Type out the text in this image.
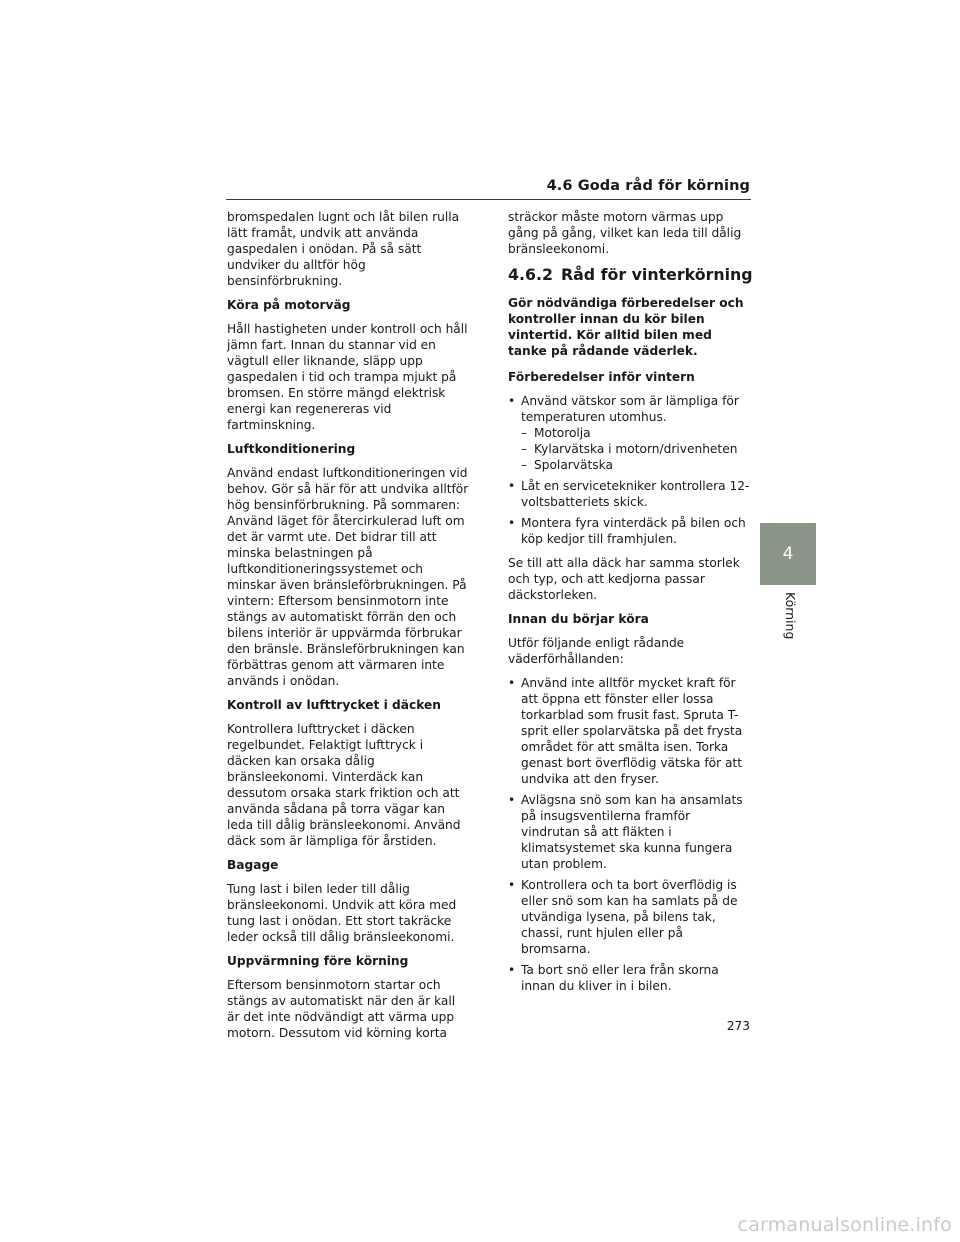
4.6 Goda råd för körning

bromspedalen lugnt och låt bilen rulla lätt framåt, undvik att använda gaspedalen i onödan. På så sätt undviker du alltför hög bensinförbrukning.

Köra på motorväg

Håll hastigheten under kontroll och håll jämn fart. Innan du stannar vid en vägtull eller liknande, släpp upp gaspedalen i tid och trampa mjukt på bromsen. En större mängd elektrisk energi kan regenereras vid fartminskning.

Luftkonditionering

Använd endast luftkonditioneringen vid behov. Gör så här för att undvika alltför hög bensinförbrukning. På sommaren: Använd läget för återcirkulerad luft om det är varmt ute. Det bidrar till att minska belastningen på luftkonditioneringssystemet och minskar även bränsleförbrukningen. På vintern: Eftersom bensinmotorn inte stängs av automatiskt förrän den och bilens interiör är uppvärmda förbrukar den bränsle. Bränsleförbrukningen kan förbättras genom att värmaren inte används i onödan.

Kontroll av lufttrycket i däcken

Kontrollera lufttrycket i däcken regelbundet. Felaktigt lufttryck i däcken kan orsaka dålig bränsleekonomi. Vinterdäck kan dessutom orsaka stark friktion och att använda sådana på torra vägar kan leda till dålig bränsleekonomi. Använd däck som är lämpliga för årstiden.

Bagage

Tung last i bilen leder till dålig bränsleekonomi. Undvik att köra med tung last i onödan. Ett stort takräcke leder också till dålig bränsleekonomi.

Uppvärmning före körning

Eftersom bensinmotorn startar och stängs av automatiskt när den är kall är det inte nödvändigt att värma upp motorn. Dessutom vid körning korta

sträckor måste motorn värmas upp gång på gång, vilket kan leda till dålig bränsleekonomi.

4.6.2 Råd för vinterkörning

Gör nödvändiga förberedelser och kontroller innan du kör bilen vintertid. Kör alltid bilen med tanke på rådande väderlek.

Förberedelser inför vintern

• Använd vätskor som är lämpliga för temperaturen utomhus.
– Motorolja
– Kylarvätska i motorn/drivenheten
– Spolarvätska
• Låt en servicetekniker kontrollera 12-voltsbatteriets skick.
• Montera fyra vinterdäck på bilen och köp kedjor till framhjulen.

Se till att alla däck har samma storlek och typ, och att kedjorna passar däckstorleken.

Innan du börjar köra

Utför följande enligt rådande väderförhållanden:

• Använd inte alltför mycket kraft för att öppna ett fönster eller lossa torkarblad som frusit fast. Spruta T-sprit eller spolarvätska på det frysta området för att smälta isen. Torka genast bort överflödig vätska för att undvika att den fryser.
• Avlägsna snö som kan ha ansamlats på insugsventilerna framför vindrutan så att fläkten i klimatsystemet ska kunna fungera utan problem.
• Kontrollera och ta bort överflödig is eller snö som kan ha samlats på de utvändiga lysena, på bilens tak, chassi, runt hjulen eller på bromsarna.
• Ta bort snö eller lera från skorna innan du kliver in i bilen.
4
Körning
273
carmanualsonline.info
